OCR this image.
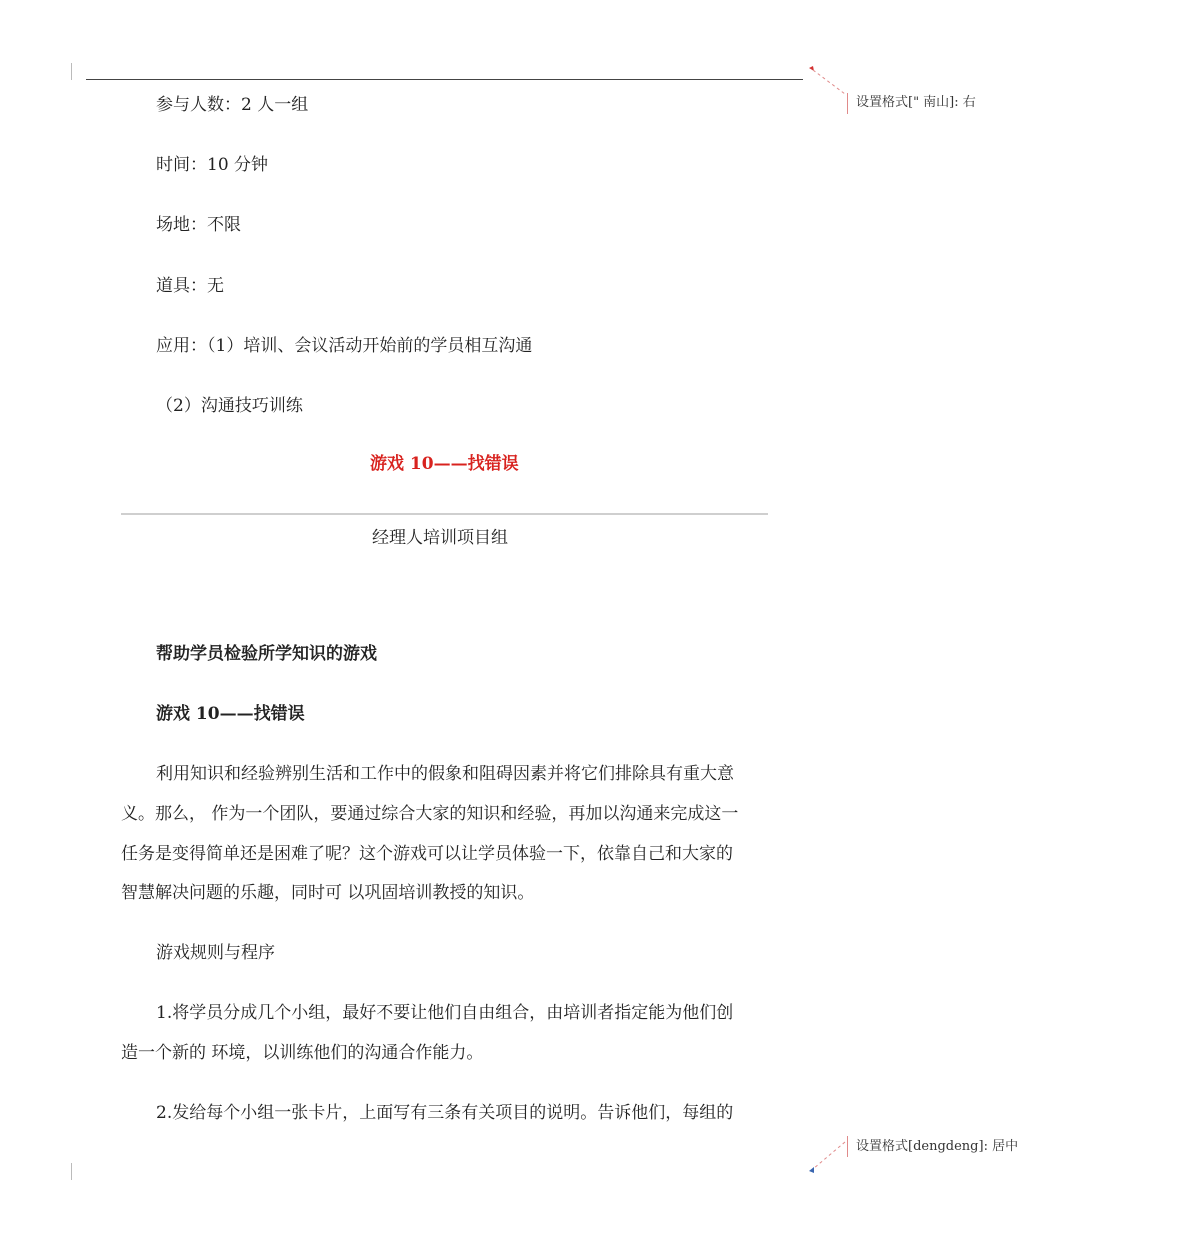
设置格式[" 南山]: 右
参与人数：2 人一组
时间：10 分钟
场地：不限
道具：无
应用：（1）培训、会议活动开始前的学员相互沟通
（2）沟通技巧训练
游戏 10——找错误
经理人培训项目组
帮助学员检验所学知识的游戏
游戏 10——找错误
利用知识和经验辨别生活和工作中的假象和阻碍因素并将它们排除具有重大意
义。那么， 作为一个团队，要通过综合大家的知识和经验，再加以沟通来完成这一
任务是变得简单还是困难了呢？这个游戏可以让学员体验一下，依靠自己和大家的
智慧解决问题的乐趣，同时可 以巩固培训教授的知识。
游戏规则与程序
1.将学员分成几个小组，最好不要让他们自由组合，由培训者指定能为他们创
造一个新的 环境，以训练他们的沟通合作能力。
2.发给每个小组一张卡片，上面写有三条有关项目的说明。告诉他们，每组的
设置格式[dengdeng]: 居中
